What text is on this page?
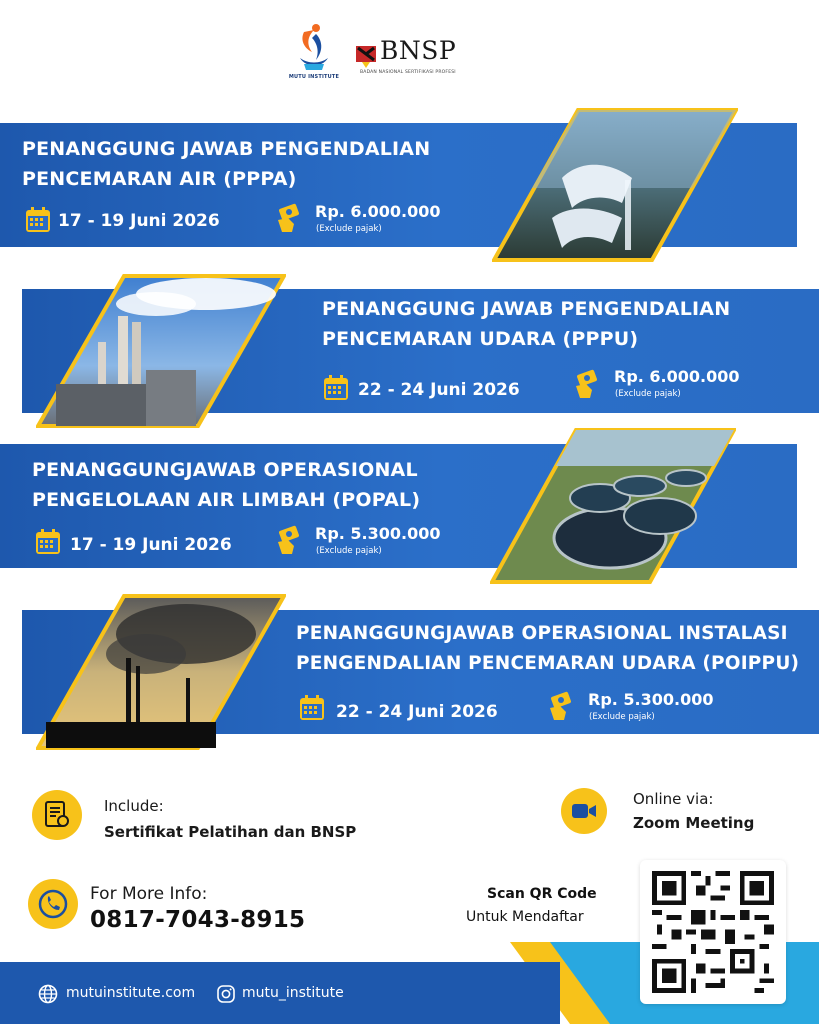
MUTU INSTITUTE
BNSP
BADAN NASIONAL SERTIFIKASI PROFESI
PENANGGUNG JAWAB PENGENDALIAN
PENCEMARAN AIR (PPPA)
17 - 19 Juni 2026	Rp. 6.000.000
(Exclude pajak)
PENANGGUNG JAWAB PENGENDALIAN
PENCEMARAN UDARA (PPPU)
22 - 24 Juni 2026
Rp. 6.000.000
(Exclude pajak)
PENANGGUNGJAWAB OPERASIONAL
PENGELOLAAN AIR LIMBAH (POPAL)
17 - 19 Juni 2026
Rp. 5.300.000
(Exclude pajak)
PENANGGUNGJAWAB OPERASIONAL INSTALASI
PENGENDALIAN PENCEMARAN UDARA (POIPPU)
22 - 24 Juni 2026
Rp. 5.300.000
(Exclude pajak)
Include:
Sertifikat Pelatihan dan BNSP
Online via:
Zoom Meeting
For More Info:
0817-7043-8915
Scan QR Code
Untuk Mendaftar
mutuinstitute.com	mutu_institute
